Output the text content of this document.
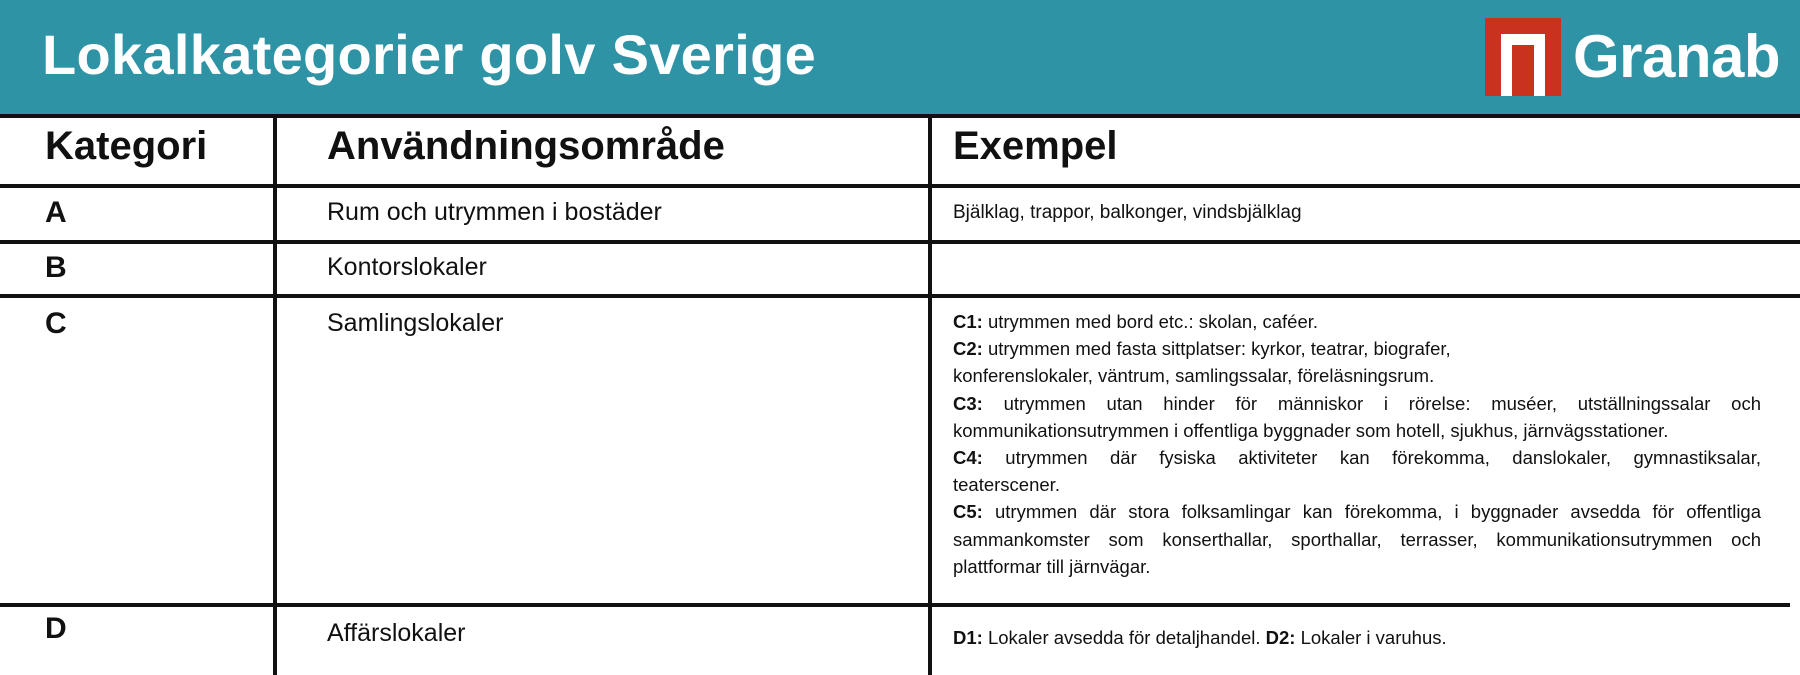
Lokalkategorier golv Sverige	Granab
Kategori	Användningsområde	Exempel
A	Rum och utrymmen i bostäder	Bjälklag, trappor, balkonger, vindsbjälklag
B	Kontorslokaler
C	Samlingslokaler	C1: utrymmen med bord etc.: skolan, caféer.
C2: utrymmen med fasta sittplatser: kyrkor, teatrar, biografer,
konferenslokaler, väntrum, samlingssalar, föreläsningsrum.
C3: utrymmen utan hinder för människor i rörelse: muséer, utställningssalar och
kommunikationsutrymmen i offentliga byggnader som hotell, sjukhus, järnvägsstationer.
C4: utrymmen där fysiska aktiviteter kan förekomma, danslokaler, gymnastiksalar,
teaterscener.
C5: utrymmen där stora folksamlingar kan förekomma, i byggnader avsedda för offentliga
sammankomster som konserthallar, sporthallar, terrasser, kommunikationsutrymmen och
plattformar till järnvägar.
D	Affärslokaler	D1: Lokaler avsedda för detaljhandel. D2: Lokaler i varuhus.
